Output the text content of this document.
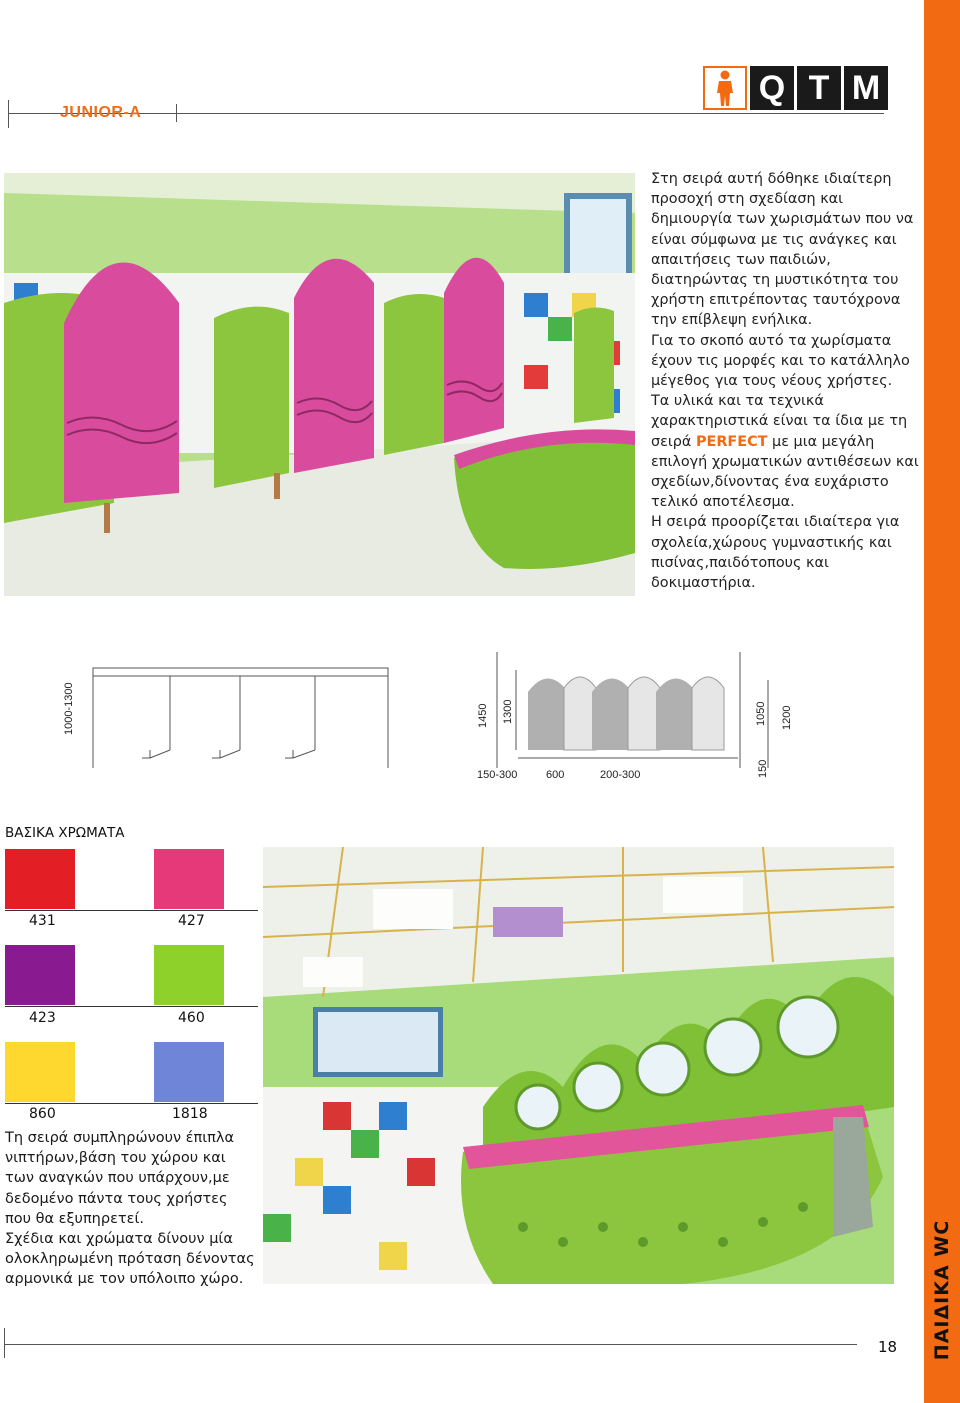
ΠΑΙΔΙΚΑ WC
JUNIOR-A
Q T M

Στη σειρά αυτή δόθηκε ιδιαίτερη προσοχή στη σχεδίαση και δημιουργία των χωρισμάτων που να είναι σύμφωνα με τις ανάγκες και απαιτήσεις των παιδιών, διατηρώντας τη μυστικότητα του χρήστη επιτρέποντας ταυτόχρονα την επίβλεψη ενήλικα.

Για το σκοπό αυτό τα χωρίσματα έχουν τις μορφές και το κατάλληλο μέγεθος για τους νέους χρήστες.

Τα υλικά και τα τεχνικά χαρακτηριστικά είναι τα ίδια με τη σειρά PERFECT με μια μεγάλη επιλογή χρωματικών αντιθέσεων και σχεδίων,δίνοντας ένα ευχάριστο τελικό αποτέλεσμα.

Η σειρά προορίζεται ιδιαίτερα για σχολεία,χώρους γυμναστικής και πισίνας,παιδότοπους και δοκιμαστήρια.

1000-1300	1450 1300	1050 1200
150
150-300	600	200-300
ΒΑΣΙΚΑ ΧΡΩΜΑΤΑ
431	427
423	460
860	1818

Τη σειρά συμπληρώνουν έπιπλα νιπτήρων,βάση του χώρου και των αναγκών που υπάρχουν,με δεδομένο πάντα τους χρήστες που θα εξυπηρετεί.

Σχέδια και χρώματα δίνουν μία ολοκληρωμένη πρόταση δένοντας αρμονικά με τον υπόλοιπο χώρο.

18
